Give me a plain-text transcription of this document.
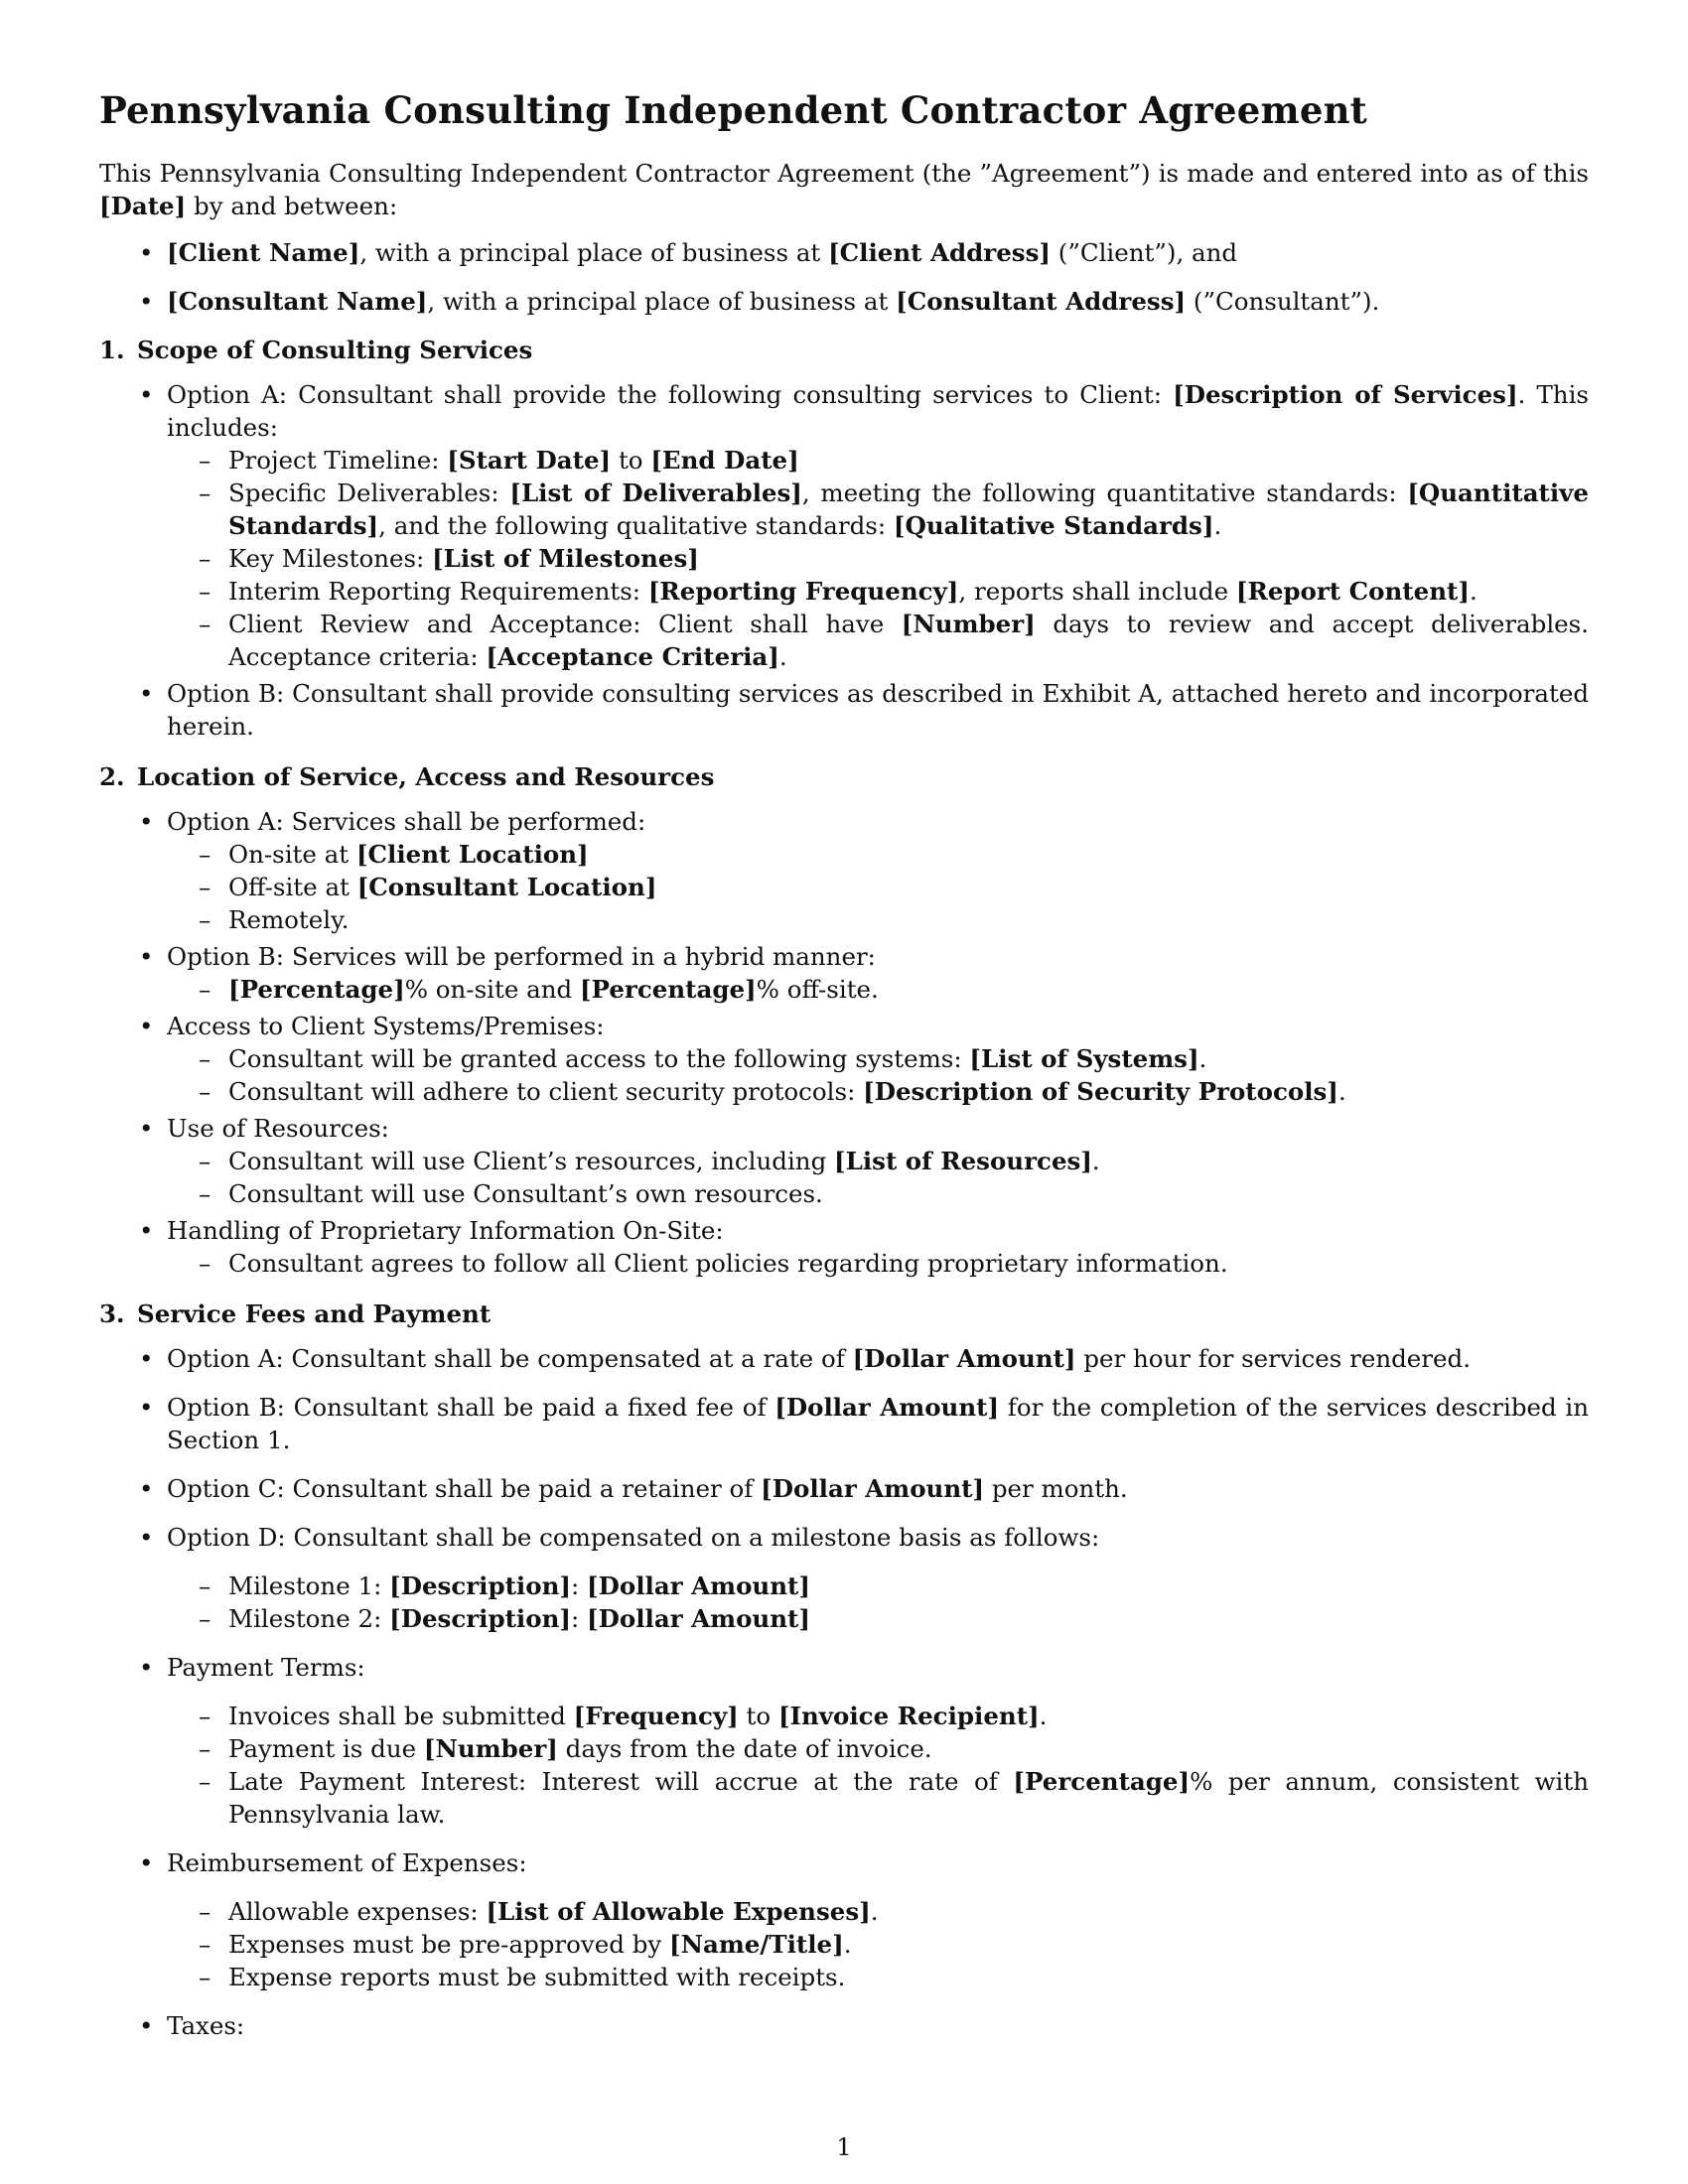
Pennsylvania Consulting Independent Contractor Agreement

This Pennsylvania Consulting Independent Contractor Agreement (the ”Agreement”) is made and entered into as of this [Date] by and between:

• [Client Name], with a principal place of business at [Client Address] (”Client”), and
• [Consultant Name], with a principal place of business at [Consultant Address] (”Consultant”).
1. Scope of Consulting Services
• Option A: Consultant shall provide the following consulting services to Client: [Description of Services]. This includes:
– Project Timeline: [Start Date] to [End Date]
– Specific Deliverables: [List of Deliverables], meeting the following quantitative standards: [Quantitative Standards], and the following qualitative standards: [Qualitative Standards].
– Key Milestones: [List of Milestones]
– Interim Reporting Requirements: [Reporting Frequency], reports shall include [Report Content].
– Client Review and Acceptance: Client shall have [Number] days to review and accept deliverables. Acceptance criteria: [Acceptance Criteria].
• Option B: Consultant shall provide consulting services as described in Exhibit A, attached hereto and incorporated herein.
2. Location of Service, Access and Resources
• Option A: Services shall be performed:
– On-site at [Client Location]
– Off-site at [Consultant Location]
– Remotely.
• Option B: Services will be performed in a hybrid manner:
– [Percentage]% on-site and [Percentage]% off-site.
• Access to Client Systems/Premises:
– Consultant will be granted access to the following systems: [List of Systems].
– Consultant will adhere to client security protocols: [Description of Security Protocols].
• Use of Resources:
– Consultant will use Client’s resources, including [List of Resources].
– Consultant will use Consultant’s own resources.
• Handling of Proprietary Information On-Site:
– Consultant agrees to follow all Client policies regarding proprietary information.
3. Service Fees and Payment
• Option A: Consultant shall be compensated at a rate of [Dollar Amount] per hour for services rendered.
• Option B: Consultant shall be paid a fixed fee of [Dollar Amount] for the completion of the services described in Section 1.
• Option C: Consultant shall be paid a retainer of [Dollar Amount] per month.
• Option D: Consultant shall be compensated on a milestone basis as follows:
– Milestone 1: [Description]: [Dollar Amount]
– Milestone 2: [Description]: [Dollar Amount]
• Payment Terms:
– Invoices shall be submitted [Frequency] to [Invoice Recipient].
– Payment is due [Number] days from the date of invoice.
– Late Payment Interest: Interest will accrue at the rate of [Percentage]% per annum, consistent with Pennsylvania law.
• Reimbursement of Expenses:
– Allowable expenses: [List of Allowable Expenses].
– Expenses must be pre-approved by [Name/Title].
– Expense reports must be submitted with receipts.
• Taxes:
1
